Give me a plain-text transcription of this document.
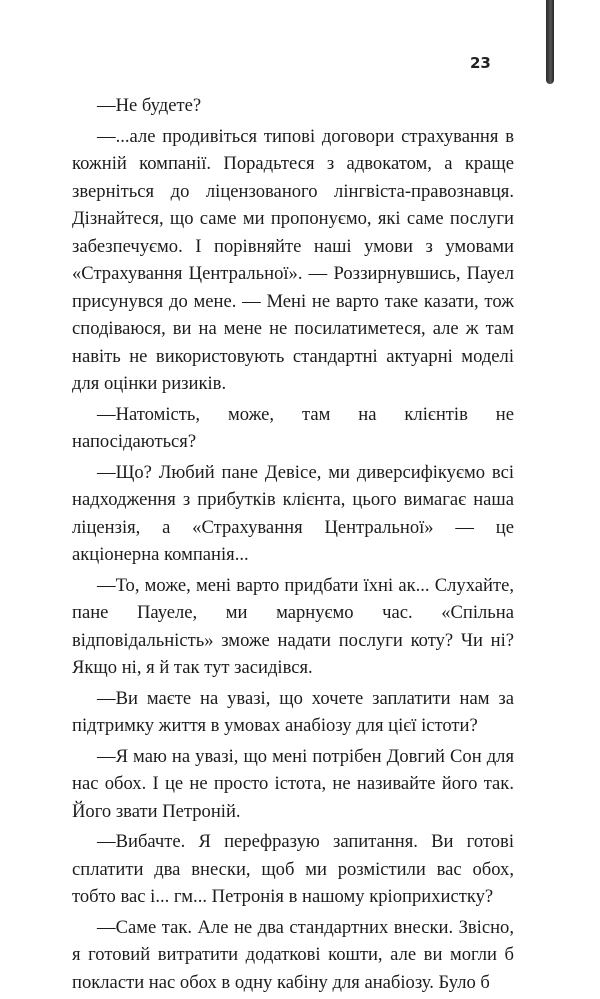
23

—Не будете?

—...але продивіться типові договори страхування в кожній компанії. Порадьтеся з адвокатом, а краще зверніться до ліцензованого лінгвіста-правознавця. Дізнайтеся, що саме ми пропонуємо, які саме послуги забезпечуємо. І порівняйте наші умови з умовами «Страхування Центральної». — Роззирнувшись, Пауел присунувся до мене. — Мені не варто таке казати, тож сподіваюся, ви на мене не посилатиметеся, але ж там навіть не використовують стандартні актуарні моделі для оцінки ризиків.

—Натомість, може, там на клієнтів не напосідаються?

—Що? Любий пане Девісе, ми диверсифікуємо всі надходження з прибутків клієнта, цього вимагає наша ліцензія, а «Страхування Центральної» — це акціонерна компанія...

—То, може, мені варто придбати їхні ак... Слухайте, пане Пауеле, ми марнуємо час. «Спільна відповідальність» зможе надати послуги коту? Чи ні? Якщо ні, я й так тут засидівся.

—Ви маєте на увазі, що хочете заплатити нам за підтримку життя в умовах анабіозу для цієї істоти?

—Я маю на увазі, що мені потрібен Довгий Сон для нас обох. І це не просто істота, не називайте його так. Його звати Петроній.

—Вибачте. Я перефразую запитання. Ви готові сплатити два внески, щоб ми розмістили вас обох, тобто вас і... гм... Петронія в нашому кріоприхистку?

—Саме так. Але не два стандартних внески. Звісно, я готовий витратити додаткові кошти, але ви могли б покласти нас обох в одну кабіну для анабіозу. Було б
